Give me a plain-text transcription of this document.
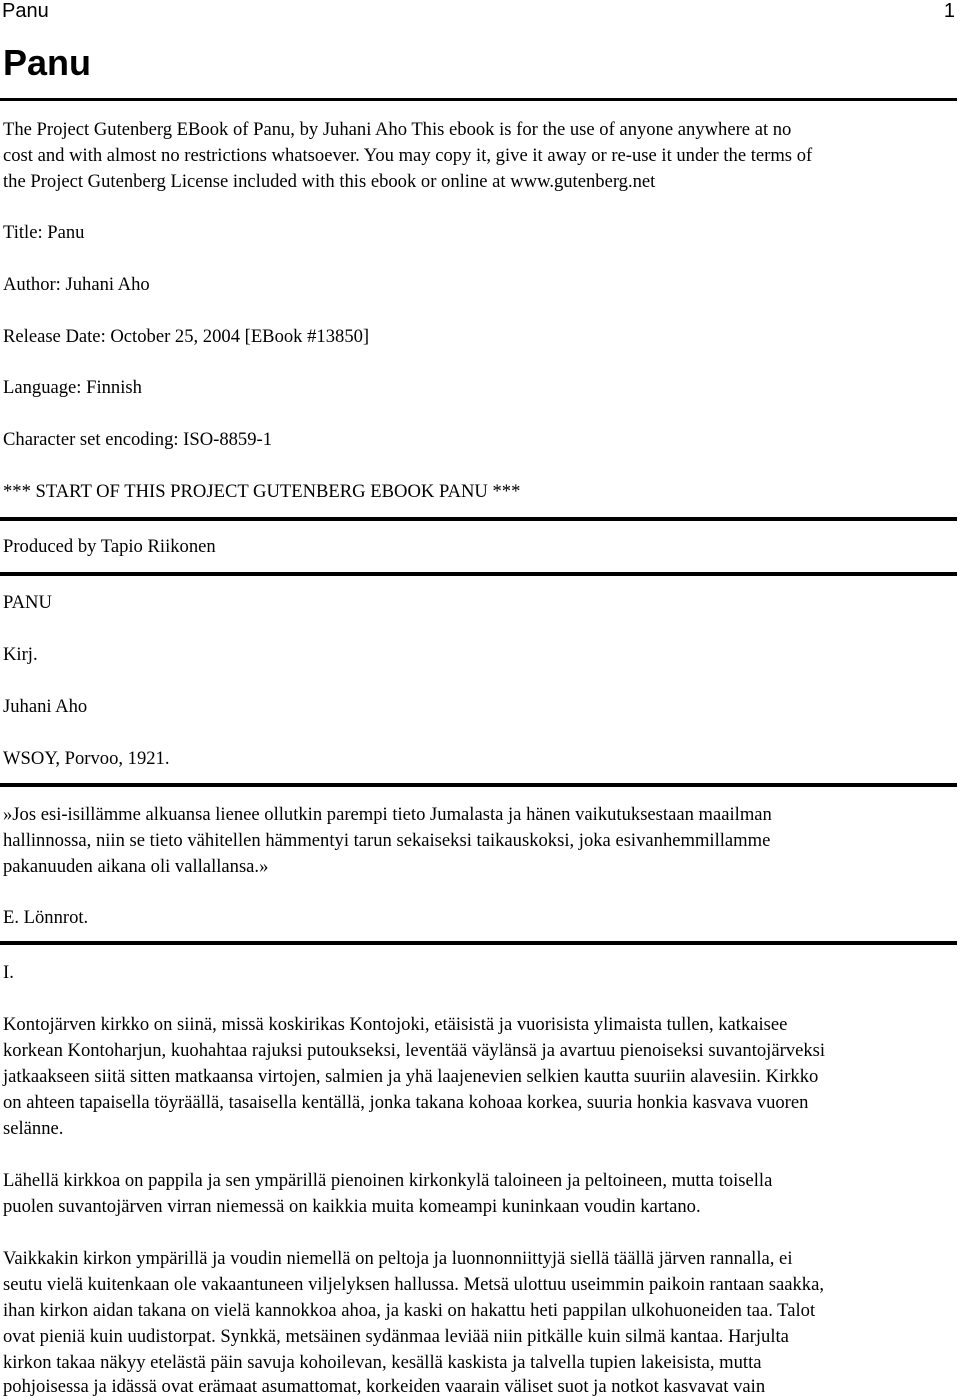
Panu	1
Panu

The Project Gutenberg EBook of Panu, by Juhani Aho This ebook is for the use of anyone anywhere at no

cost and with almost no restrictions whatsoever. You may copy it, give it away or re-use it under the terms of

the Project Gutenberg License included with this ebook or online at www.gutenberg.net

Title: Panu

Author: Juhani Aho

Release Date: October 25, 2004 [EBook #13850]

Language: Finnish

Character set encoding: ISO-8859-1

*** START OF THIS PROJECT GUTENBERG EBOOK PANU ***

Produced by Tapio Riikonen

PANU

Kirj.

Juhani Aho

WSOY, Porvoo, 1921.

»Jos esi-isillämme alkuansa lienee ollutkin parempi tieto Jumalasta ja hänen vaikutuksestaan maailman

hallinnossa, niin se tieto vähitellen hämmentyi tarun sekaiseksi taikauskoksi, joka esivanhemmillamme

pakanuuden aikana oli vallallansa.»

E. Lönnrot.

I.

Kontojärven kirkko on siinä, missä koskirikas Kontojoki, etäisistä ja vuorisista ylimaista tullen, katkaisee

korkean Kontoharjun, kuohahtaa rajuksi putoukseksi, leventää väylänsä ja avartuu pienoiseksi suvantojärveksi

jatkaakseen siitä sitten matkaansa virtojen, salmien ja yhä laajenevien selkien kautta suuriin alavesiin. Kirkko

on ahteen tapaisella töyräällä, tasaisella kentällä, jonka takana kohoaa korkea, suuria honkia kasvava vuoren

selänne.

Lähellä kirkkoa on pappila ja sen ympärillä pienoinen kirkonkylä taloineen ja peltoineen, mutta toisella

puolen suvantojärven virran niemessä on kaikkia muita komeampi kuninkaan voudin kartano.

Vaikkakin kirkon ympärillä ja voudin niemellä on peltoja ja luonnonniittyjä siellä täällä järven rannalla, ei

seutu vielä kuitenkaan ole vakaantuneen viljelyksen hallussa. Metsä ulottuu useimmin paikoin rantaan saakka,

ihan kirkon aidan takana on vielä kannokkoa ahoa, ja kaski on hakattu heti pappilan ulkohuoneiden taa. Talot

ovat pieniä kuin uudistorpat. Synkkä, metsäinen sydänmaa leviää niin pitkälle kuin silmä kantaa. Harjulta

kirkon takaa näkyy etelästä päin savuja kohoilevan, kesällä kaskista ja talvella tupien lakeisista, mutta

pohjoisessa ja idässä ovat erämaat asumattomat, korkeiden vaarain väliset suot ja notkot kasvavat vain
